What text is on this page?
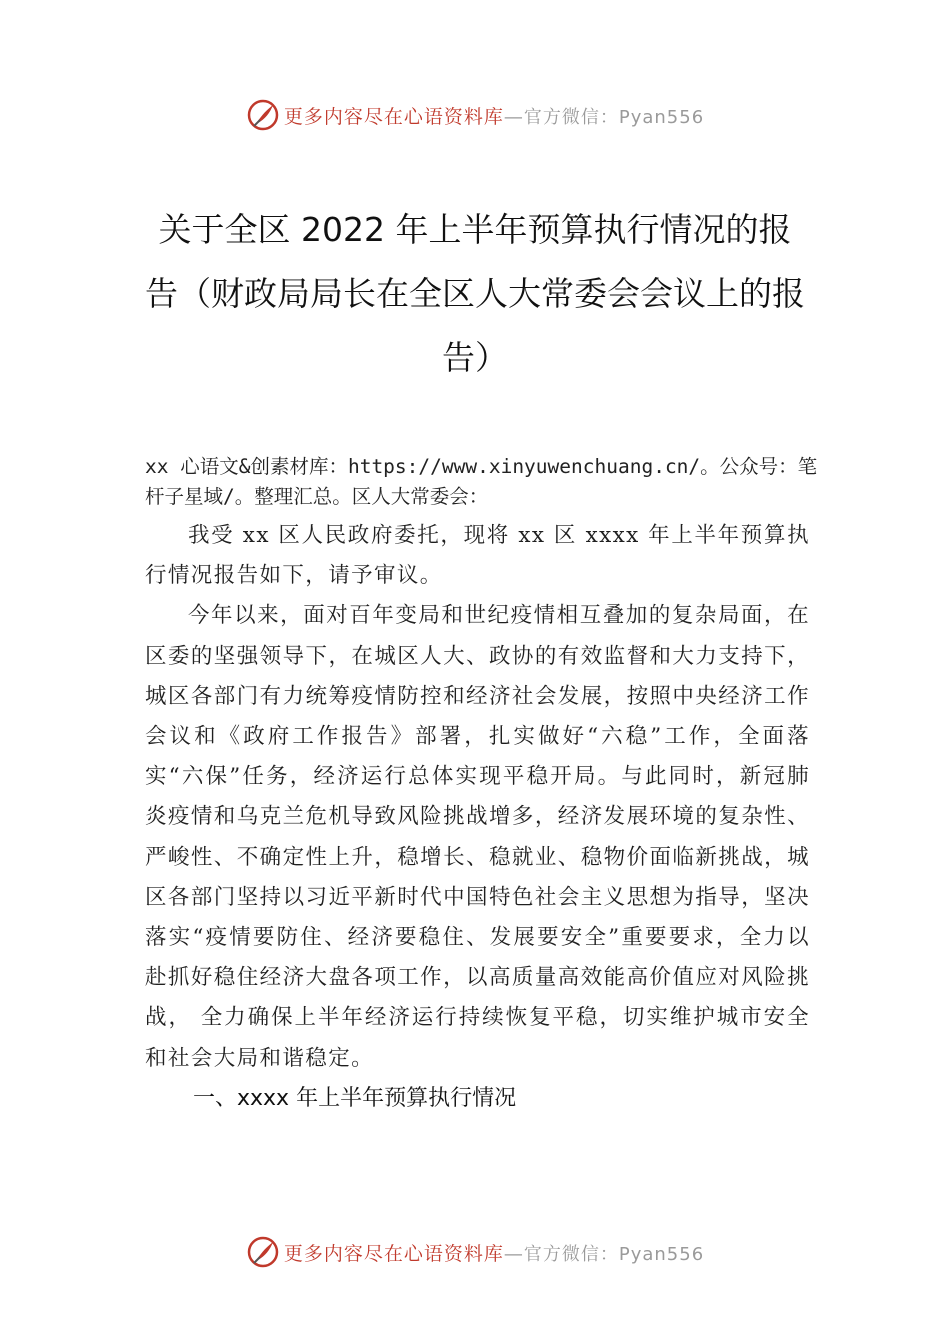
更多内容尽在心语资料库—官方微信：Pyan556
关于全区 2022 年上半年预算执行情况的报告（财政局局长在全区人大常委会会议上的报告）

xx 心语文&创素材库：https://www.xinyuwenchuang.cn/。公众号：笔杆子星域/。整理汇总。区人大常委会：

我受 xx 区人民政府委托，现将 xx 区 xxxx 年上半年预算执行情况报告如下，请予审议。

今年以来，面对百年变局和世纪疫情相互叠加的复杂局面，在区委的坚强领导下，在城区人大、政协的有效监督和大力支持下，城区各部门有力统筹疫情防控和经济社会发展，按照中央经济工作会议和《政府工作报告》部署，扎实做好“六稳”工作，全面落实“六保”任务，经济运行总体实现平稳开局。与此同时，新冠肺炎疫情和乌克兰危机导致风险挑战增多，经济发展环境的复杂性、严峻性、不确定性上升，稳增长、稳就业、稳物价面临新挑战，城区各部门坚持以习近平新时代中国特色社会主义思想为指导，坚决落实“疫情要防住、经济要稳住、发展要安全”重要要求，全力以赴抓好稳住经济大盘各项工作，以高质量高效能高价值应对风险挑战， 全力确保上半年经济运行持续恢复平稳，切实维护城市安全和社会大局和谐稳定。

一、xxxx 年上半年预算执行情况

更多内容尽在心语资料库—官方微信：Pyan556
